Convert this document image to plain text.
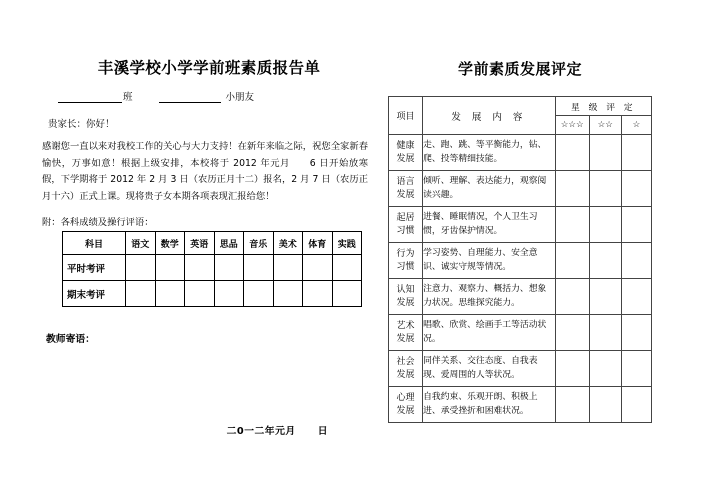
丰溪学校小学学前班素质报告单
班	小朋友
贵家长：你好！
感谢您一直以来对我校工作的关心与大力支持！在新年来临之际，祝您全家新春愉快，万事如意！根据上级安排，本校将于 2012 年元月　　6 日开始放寒假，下学期将于 2012 年 2 月 3 日（农历正月十二）报名，2 月 7 日（农历正月十六）正式上课。现将贵子女本期各项表现汇报给您！
附：各科成绩及操行评语：
科目	语文	数学	英语	思品	音乐	美术	体育	实践
平时考评								
期末考评								
教师寄语：
二0一二年元月 日
学前素质发展评定
项目	发 展 内 容	星 级 评 定		
		☆☆☆	☆☆	☆
健康
发展	走、跑、跳、等平衡能力，钻、爬、投等精细技能。			
语言
发展	倾听、理解、表达能力，观察阅读兴趣。			
起居
习惯	进餐、睡眠情况，个人卫生习惯，牙齿保护情况。			
行为
习惯	学习姿势、自理能力、安全意识、诚实守规等情况。			
认知
发展	注意力、观察力、概括力、想象力状况。思维探究能力。			
艺术
发展	唱歌、欣赏、绘画手工等活动状况。			
社会
发展	同伴关系、交往态度、自我表现、爱周围的人等状况。			
心理
发展	自我约束、乐观开朗、积极上进、承受挫折和困难状况。			
